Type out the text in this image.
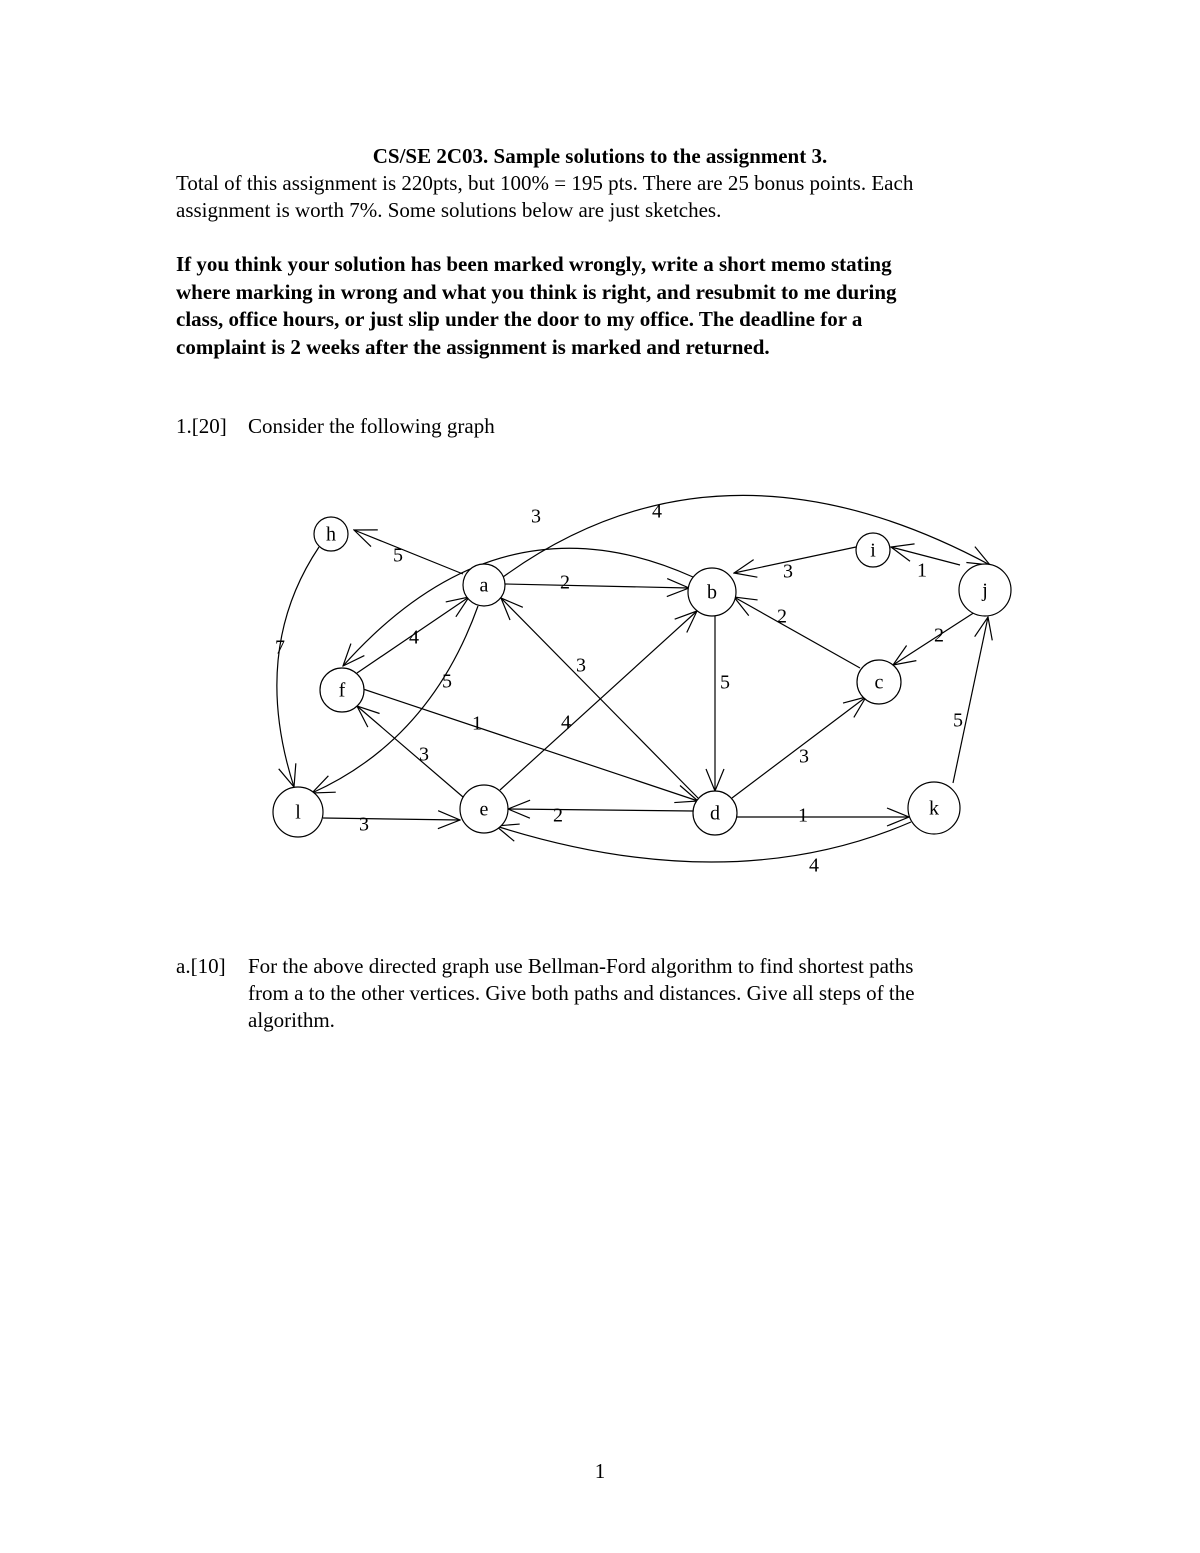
CS/SE 2C03. Sample solutions to the assignment 3.

Total of this assignment is 220pts, but 100% = 195 pts. There are 25 bonus points. Each

assignment is worth 7%. Some solutions below are just sketches.

If you think your solution has been marked wrongly, write a short memo stating

where marking in wrong and what you think is right, and resubmit to me during

class, office hours, or just slip under the door to my office. The deadline for a

complaint is 2 weeks after the assignment is marked and returned.

1.[20] Consider the following graph
5
2
5
4
4
1
3
2
3
1
3
4
3
7
5
3
3	1
2
2
5
4
h
a	b
i
j
f	c
l	e	d	k
a.[10]	For the above directed graph use Bellman-Ford algorithm to find shortest paths
from a to the other vertices. Give both paths and distances. Give all steps of the
algorithm.
1
